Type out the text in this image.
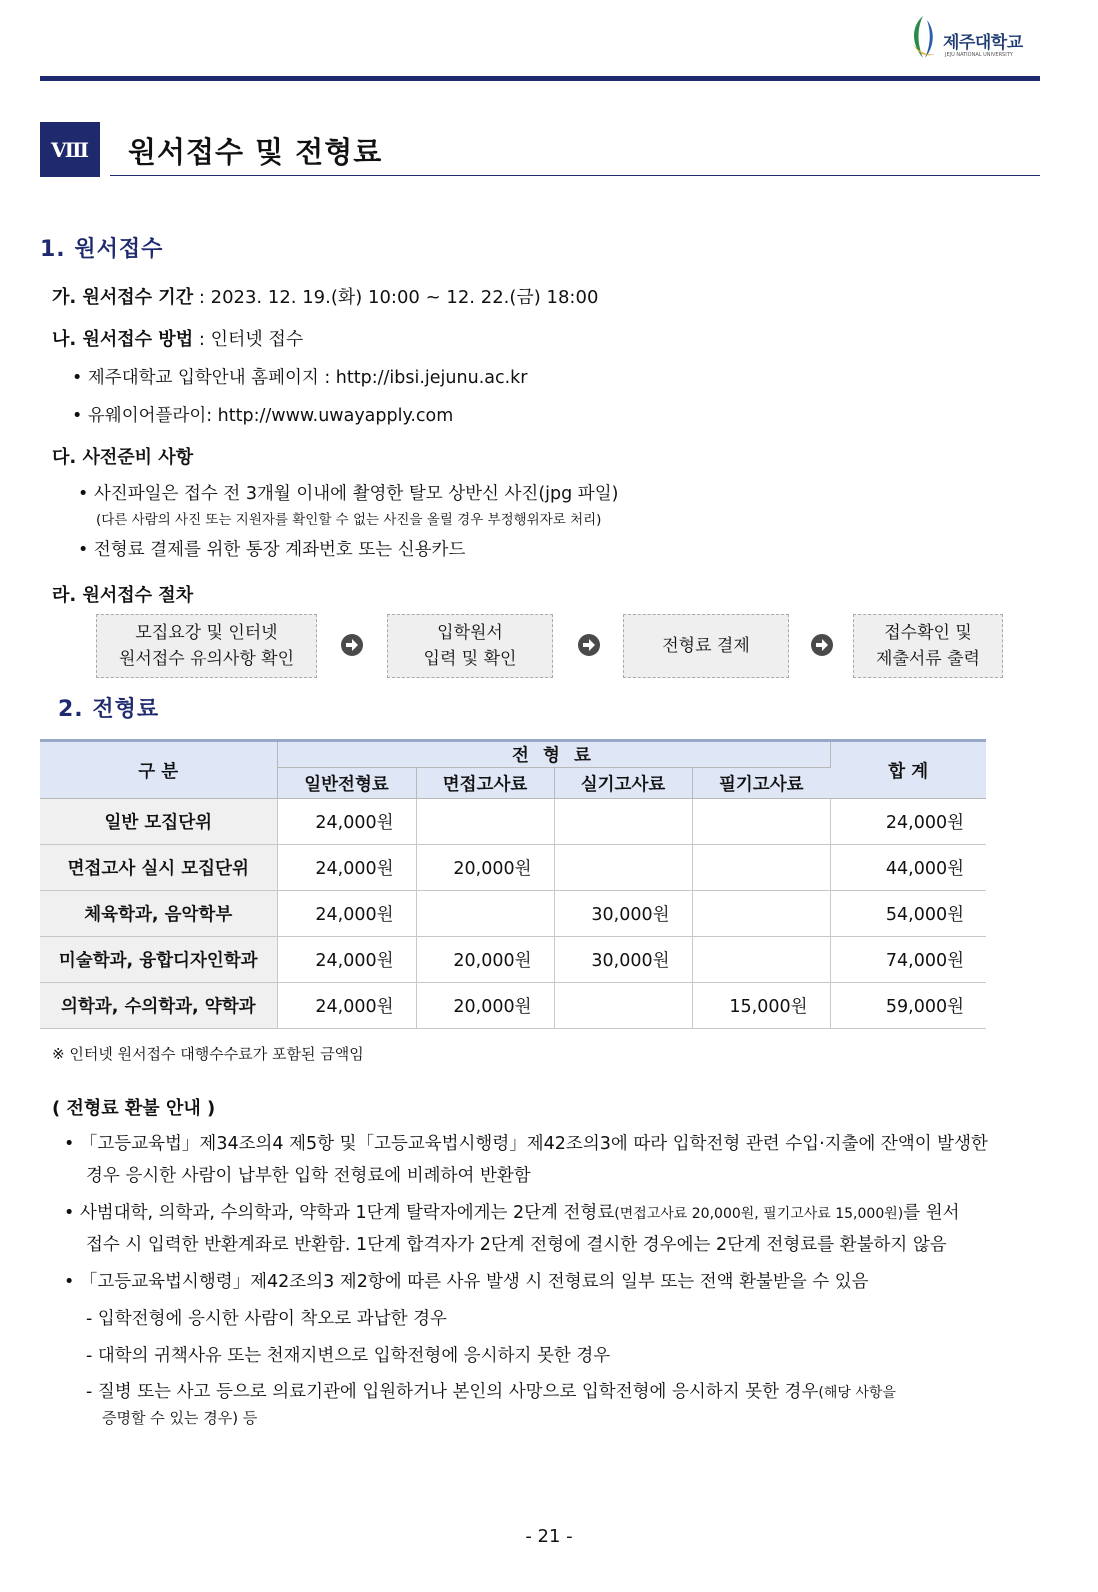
제주대학교
JEJU NATIONAL UNIVERSITY
Ⅷ	원서접수 및 전형료
1. 원서접수
가. 원서접수 기간 : 2023. 12. 19.(화) 10:00 ~ 12. 22.(금) 18:00
나. 원서접수 방법 : 인터넷 접수
• 제주대학교 입학안내 홈페이지 : http://ibsi.jejunu.ac.kr
• 유웨이어플라이: http://www.uwayapply.com
다. 사전준비 사항
• 사진파일은 접수 전 3개월 이내에 촬영한 탈모 상반신 사진(jpg 파일)
(다른 사람의 사진 또는 지원자를 확인할 수 없는 사진을 올릴 경우 부정행위자로 처리)
• 전형료 결제를 위한 통장 계좌번호 또는 신용카드
라. 원서접수 절차
모집요강 및 인터넷
원서접수 유의사항 확인
입학원서
입력 및 확인
전형료 결제
접수확인 및
제출서류 출력
2. 전형료
구 분	전 형 료				합 계
	일반전형료	면접고사료	실기고사료	필기고사료	
일반 모집단위	24,000원				24,000원
면접고사 실시 모집단위	24,000원	20,000원			44,000원
체육학과, 음악학부	24,000원		30,000원		54,000원
미술학과, 융합디자인학과	24,000원	20,000원	30,000원		74,000원
의학과, 수의학과, 약학과	24,000원	20,000원		15,000원	59,000원
※ 인터넷 원서접수 대행수수료가 포함된 금액임
( 전형료 환불 안내 )
• 「고등교육법」제34조의4 제5항 및「고등교육법시행령」제42조의3에 따라 입학전형 관련 수입·지출에 잔액이 발생한
경우 응시한 사람이 납부한 입학 전형료에 비례하여 반환함
• 사범대학, 의학과, 수의학과, 약학과 1단계 탈락자에게는 2단계 전형료(면접고사료 20,000원, 필기고사료 15,000원)를 원서
접수 시 입력한 반환계좌로 반환함. 1단계 합격자가 2단계 전형에 결시한 경우에는 2단계 전형료를 환불하지 않음
• 「고등교육법시행령」제42조의3 제2항에 따른 사유 발생 시 전형료의 일부 또는 전액 환불받을 수 있음
- 입학전형에 응시한 사람이 착오로 과납한 경우
- 대학의 귀책사유 또는 천재지변으로 입학전형에 응시하지 못한 경우
- 질병 또는 사고 등으로 의료기관에 입원하거나 본인의 사망으로 입학전형에 응시하지 못한 경우(해당 사항을
증명할 수 있는 경우) 등
- 21 -
